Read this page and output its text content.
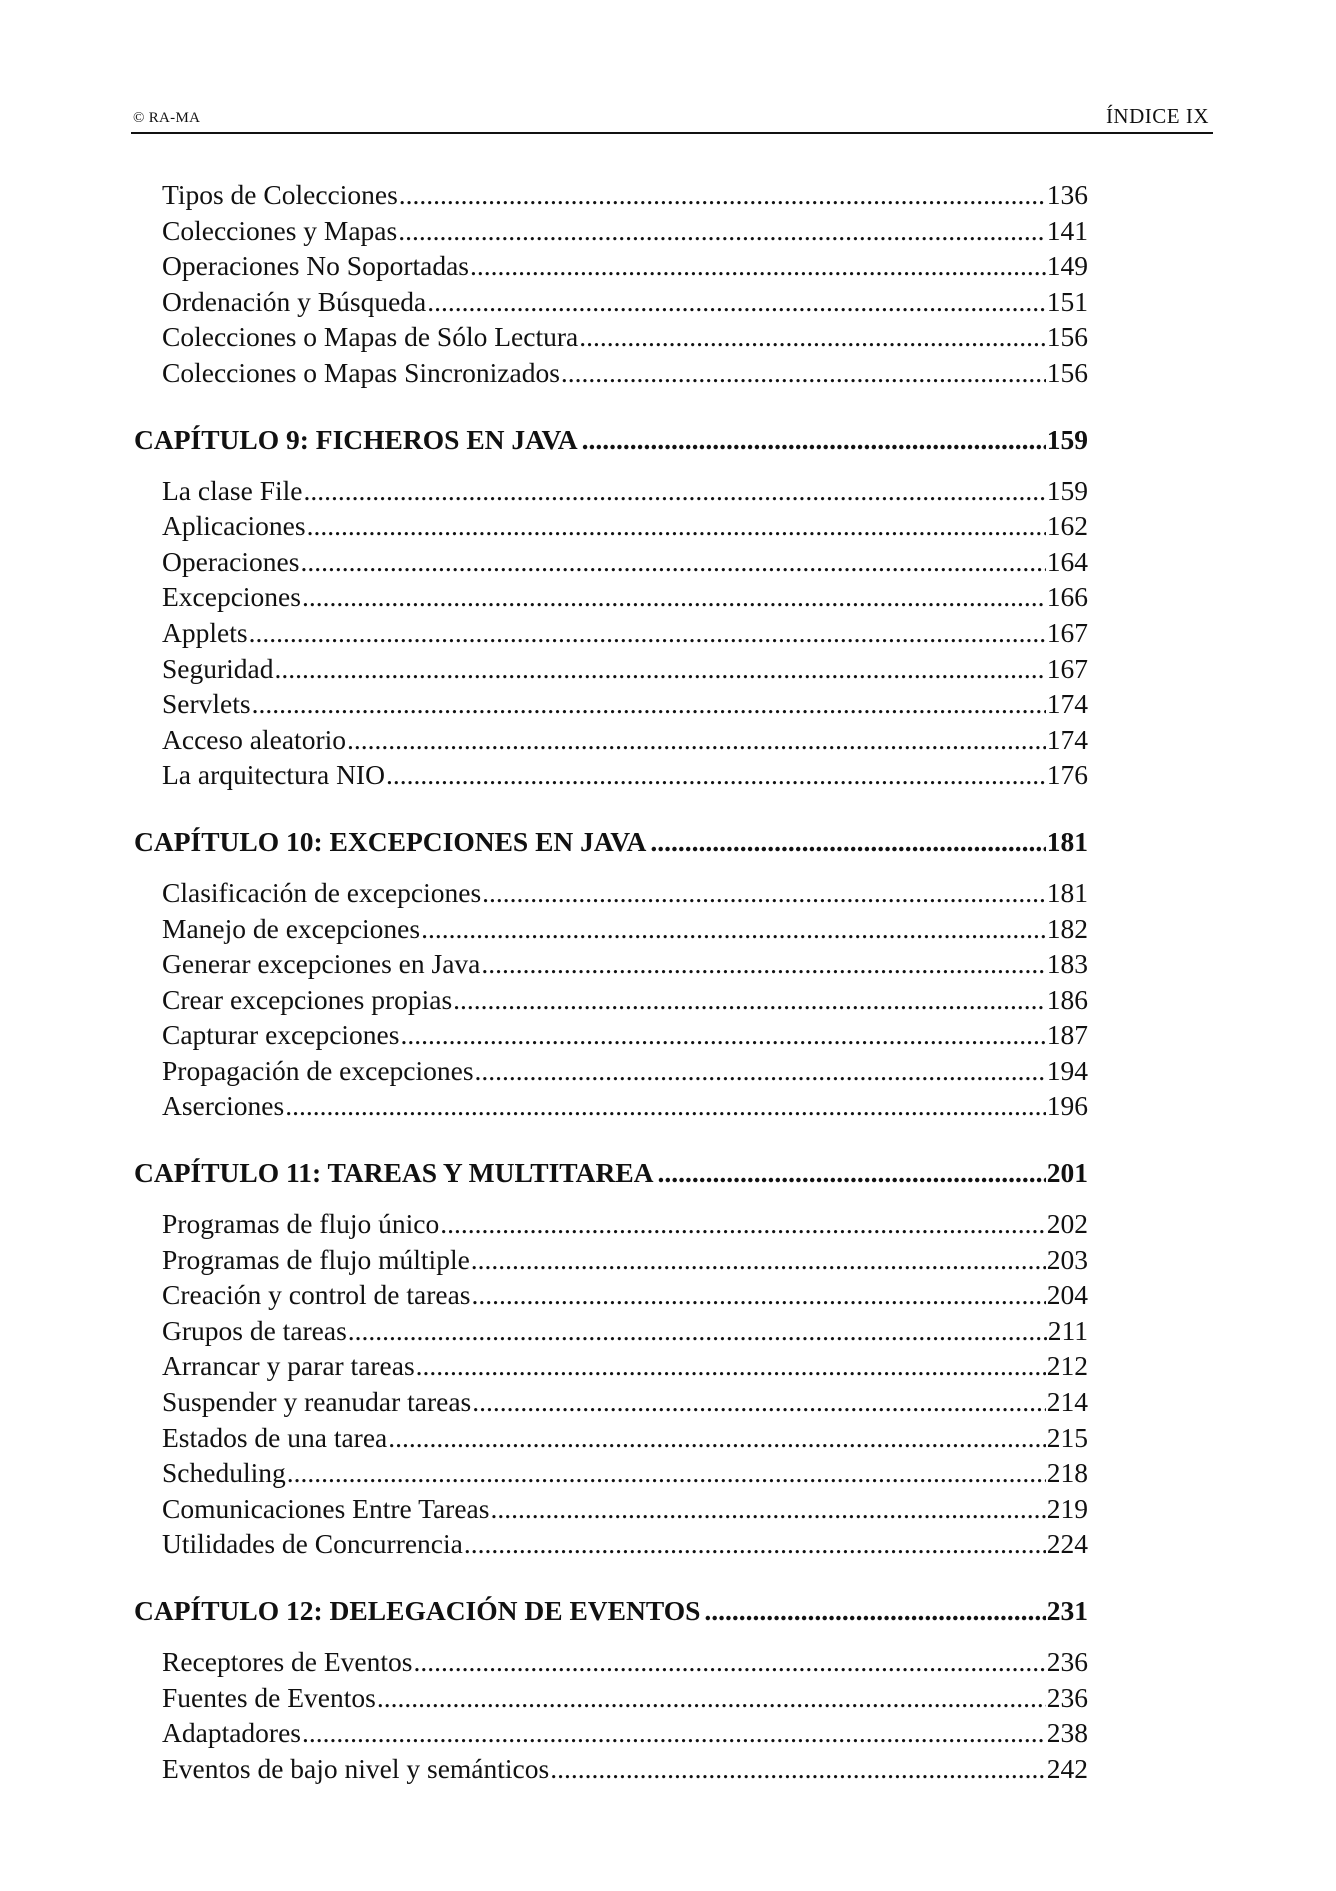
© RA-MA	ÍNDICE IX
Tipos de Colecciones .....	136
Colecciones y Mapas .....	141
Operaciones No Soportadas .....	149
Ordenación y Búsqueda .....	151
Colecciones o Mapas de Sólo Lectura .....	156
Colecciones o Mapas Sincronizados .....	156
CAPÍTULO 9: FICHEROS EN JAVA .....	159
La clase File .....	159
Aplicaciones .....	162
Operaciones .....	164
Excepciones .....	166
Applets .....	167
Seguridad .....	167
Servlets .....	174
Acceso aleatorio .....	174
La arquitectura NIO .....	176
CAPÍTULO 10: EXCEPCIONES EN JAVA .....	181
Clasificación de excepciones .....	181
Manejo de excepciones .....	182
Generar excepciones en Java .....	183
Crear excepciones propias .....	186
Capturar excepciones .....	187
Propagación de excepciones .....	194
Aserciones .....	196
CAPÍTULO 11: TAREAS Y MULTITAREA .....	201
Programas de flujo único .....	202
Programas de flujo múltiple .....	203
Creación y control de tareas .....	204
Grupos de tareas .....	211
Arrancar y parar tareas .....	212
Suspender y reanudar tareas .....	214
Estados de una tarea .....	215
Scheduling .....	218
Comunicaciones Entre Tareas .....	219
Utilidades de Concurrencia .....	224
CAPÍTULO 12: DELEGACIÓN DE EVENTOS .....	231
Receptores de Eventos .....	236
Fuentes de Eventos .....	236
Adaptadores .....	238
Eventos de bajo nivel y semánticos .....	242
